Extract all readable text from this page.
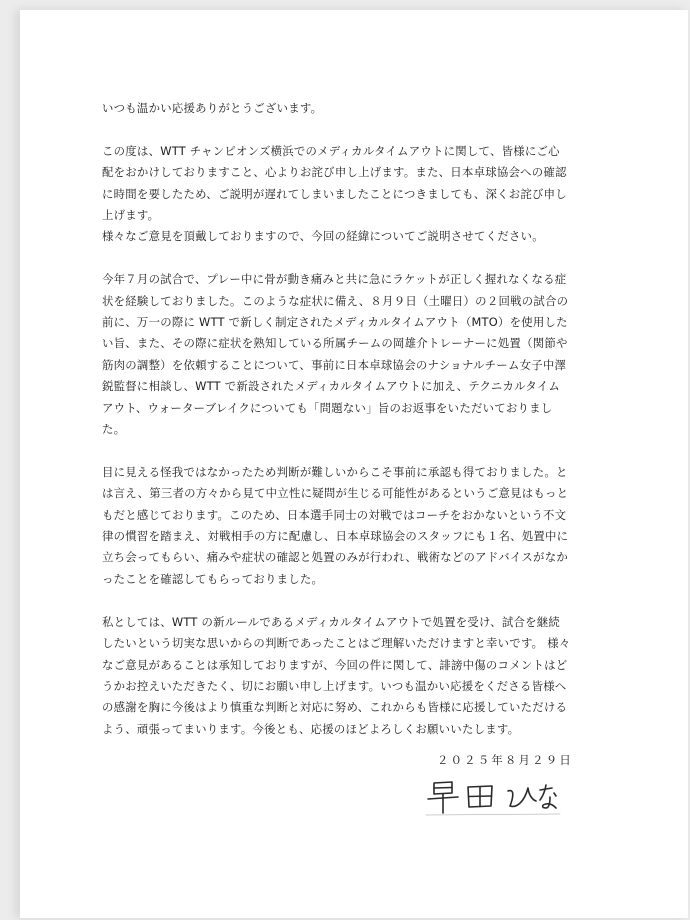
いつも温かい応援ありがとうございます。

この度は、WTT チャンピオンズ横浜でのメディカルタイムアウトに関して、皆様にご心
配をおかけしておりますこと、心よりお詫び申し上げます。また、日本卓球協会への確認
に時間を要したため、ご説明が遅れてしまいましたことにつきましても、深くお詫び申し
上げます。
様々なご意見を頂戴しておりますので、今回の経緯についてご説明させてください。

今年７月の試合で、プレー中に骨が動き痛みと共に急にラケットが正しく握れなくなる症
状を経験しておりました。このような症状に備え、８月９日（土曜日）の２回戦の試合の
前に、万一の際に WTT で新しく制定されたメディカルタイムアウト（MTO）を使用した
い旨、また、その際に症状を熟知している所属チームの岡雄介トレーナーに処置（関節や
筋肉の調整）を依頼することについて、事前に日本卓球協会のナショナルチーム女子中澤
鋭監督に相談し、WTT で新設されたメディカルタイムアウトに加え、テクニカルタイム
アウト、ウォーターブレイクについても「問題ない」旨のお返事をいただいておりまし
た。

目に見える怪我ではなかったため判断が難しいからこそ事前に承認も得ておりました。と
は言え、第三者の方々から見て中立性に疑問が生じる可能性があるというご意見はもっと
もだと感じております。このため、日本選手同士の対戦ではコーチをおかないという不文
律の慣習を踏まえ、対戦相手の方に配慮し、日本卓球協会のスタッフにも１名、処置中に
立ち会ってもらい、痛みや症状の確認と処置のみが行われ、戦術などのアドバイスがなか
ったことを確認してもらっておりました。

私としては、WTT の新ルールであるメディカルタイムアウトで処置を受け、試合を継続
したいという切実な思いからの判断であったことはご理解いただけますと幸いです。 様々
なご意見があることは承知しておりますが、今回の件に関して、誹謗中傷のコメントはど
うかお控えいただきたく、切にお願い申し上げます。いつも温かい応援をくださる皆様へ
の感謝を胸に今後はより慎重な判断と対応に努め、これからも皆様に応援していただける
よう、頑張ってまいります。今後とも、応援のほどよろしくお願いいたします。

２０２５年８月２９日
